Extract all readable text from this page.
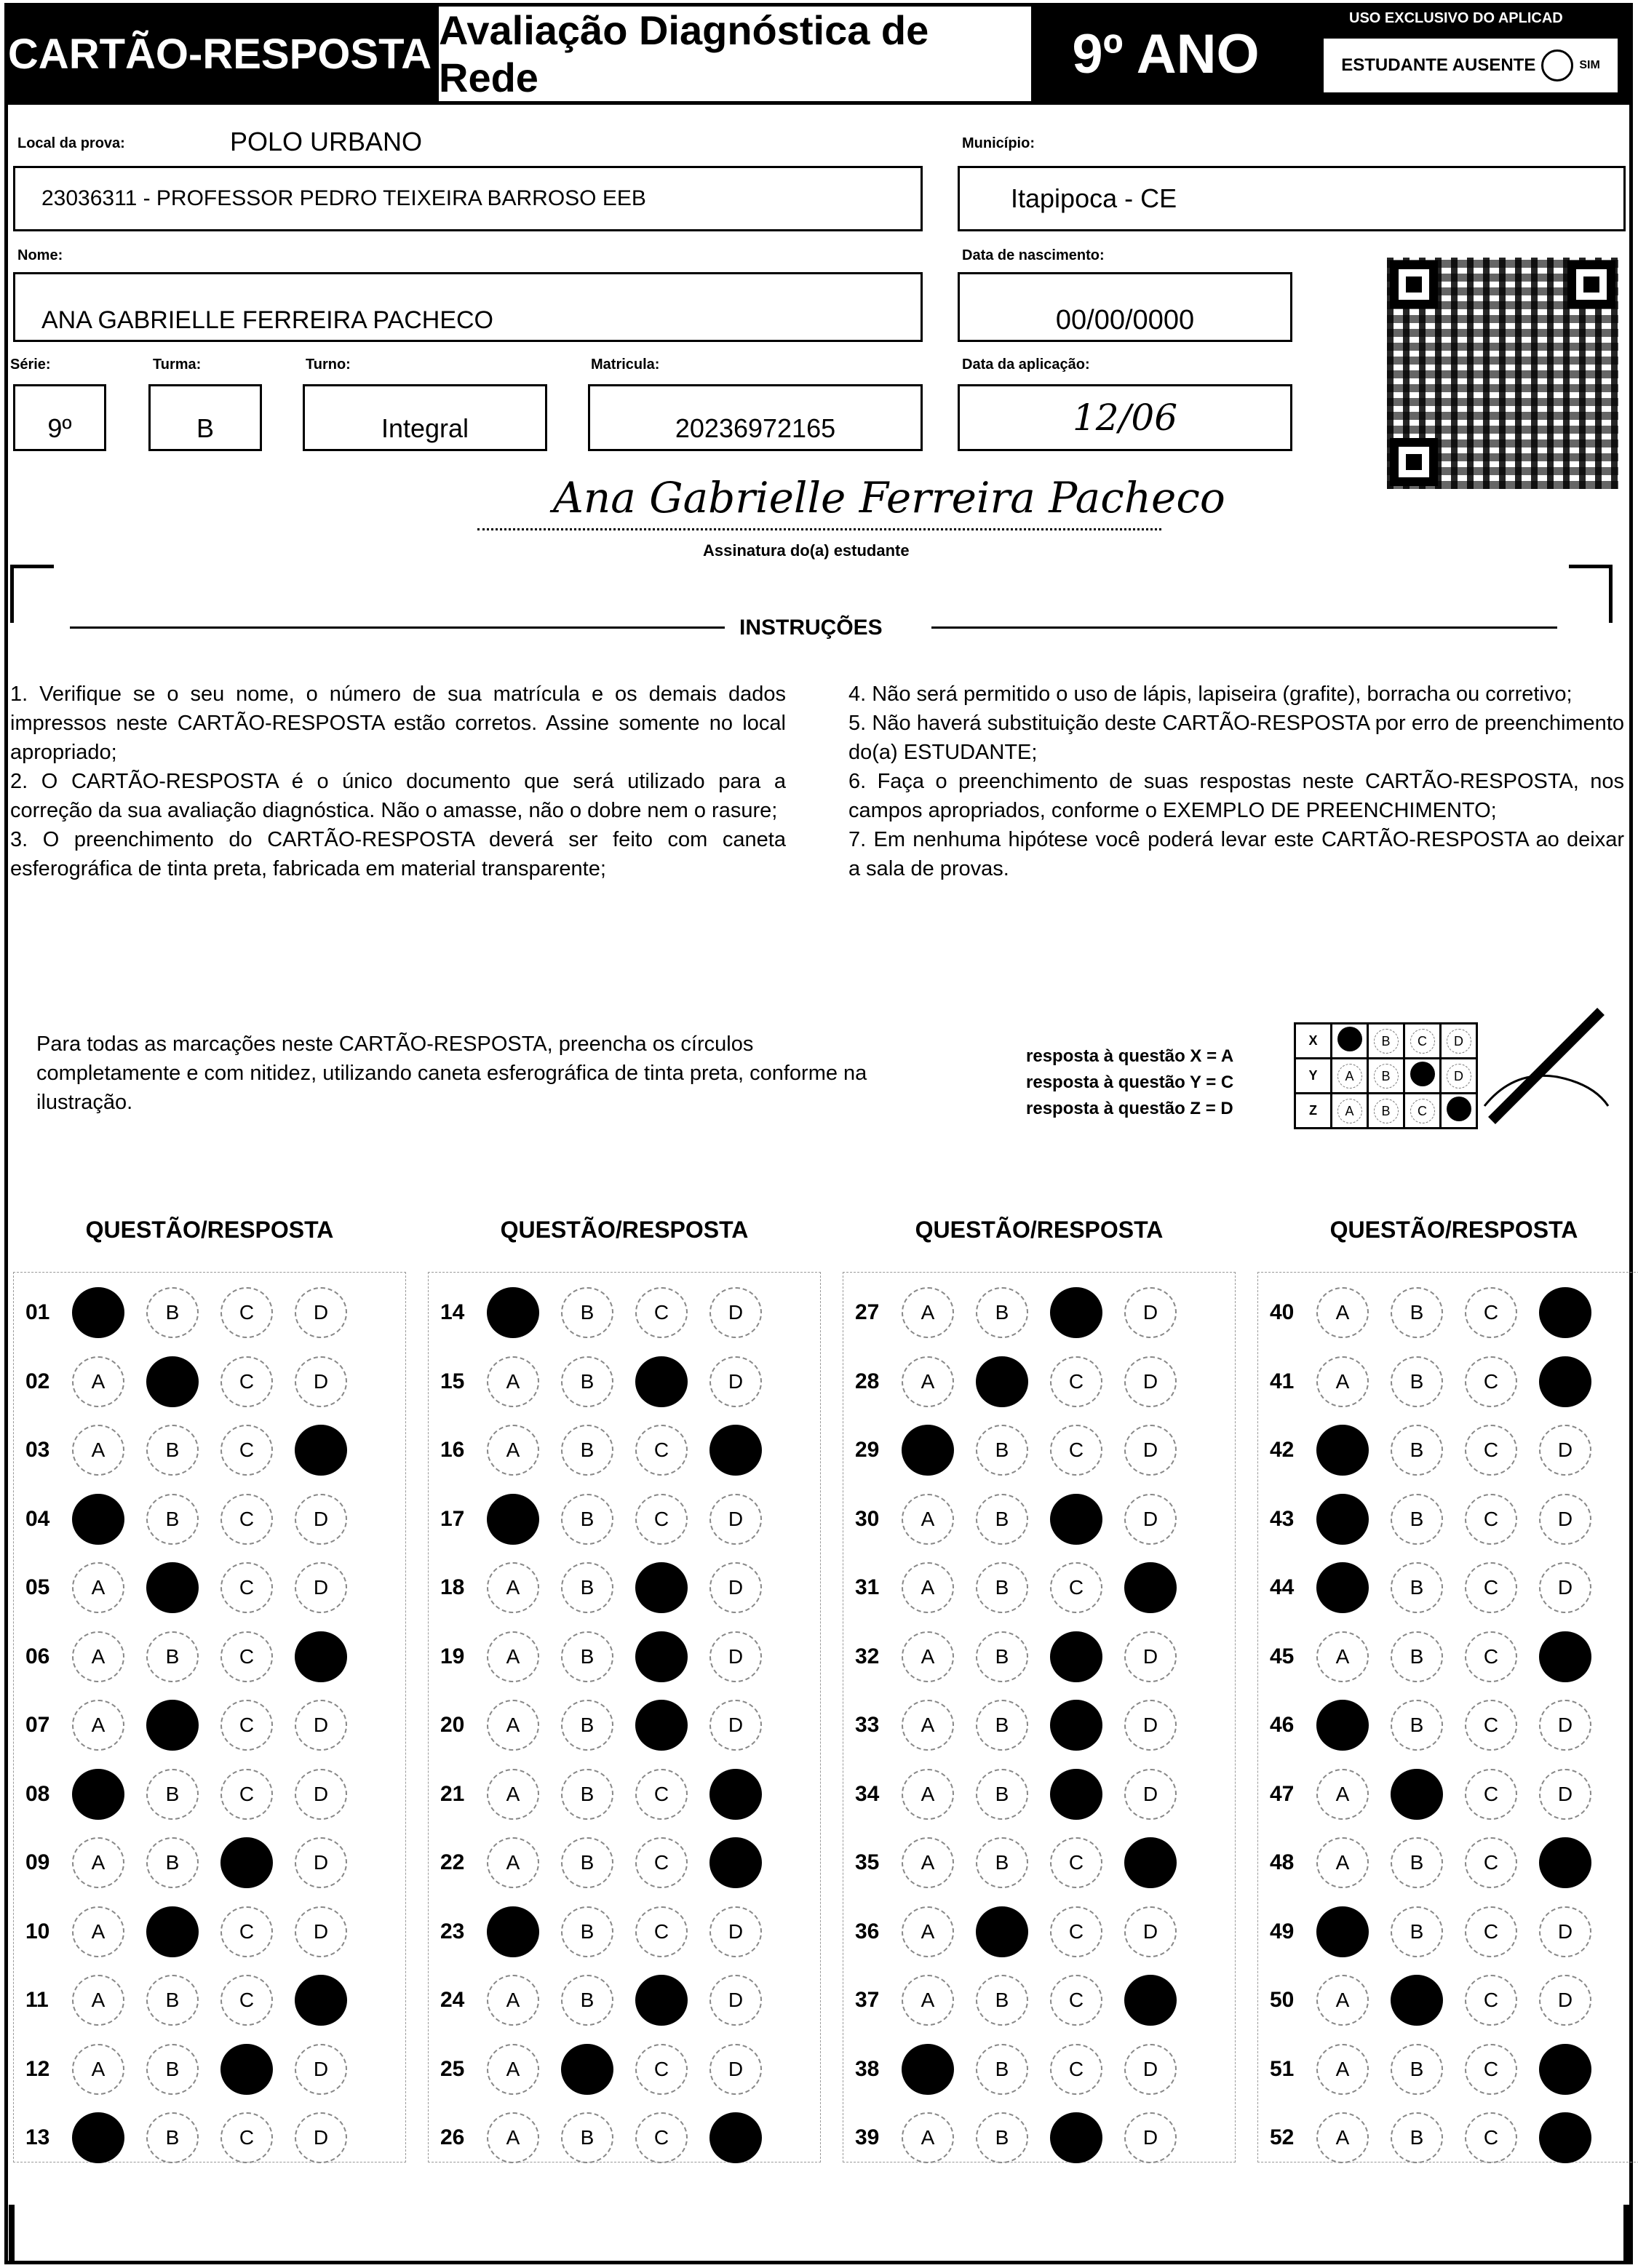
CARTÃO-RESPOSTA Avaliação Diagnóstica de Rede	9º ANO
USO EXCLUSIVO DO APLICAD
ESTUDANTE AUSENTE	SIM
Local da prova:	POLO URBANO
23036311 - PROFESSOR PEDRO TEIXEIRA BARROSO EEB
Município:
Itapipoca - CE
Nome:
ANA GABRIELLE FERREIRA PACHECO
Data de nascimento:
00/00/0000
Série:
9º
Turma:
B
Turno:
Integral
Matricula:
20236972165
Data da aplicação:
12/06
Ana Gabrielle Ferreira Pacheco
Assinatura do(a) estudante
INSTRUÇÕES

1. Verifique se o seu nome, o número de sua matrícula e os demais dados impressos neste CARTÃO-RESPOSTA estão corretos. Assine somente no local apropriado;

2. O CARTÃO-RESPOSTA é o único documento que será utilizado para a correção da sua avaliação diagnóstica. Não o amasse, não o dobre nem o rasure;

3. O preenchimento do CARTÃO-RESPOSTA deverá ser feito com caneta esferográfica de tinta preta, fabricada em material transparente;

4. Não será permitido o uso de lápis, lapiseira (grafite), borracha ou corretivo;

5. Não haverá substituição deste CARTÃO-RESPOSTA por erro de preenchimento do(a) ESTUDANTE;

6. Faça o preenchimento de suas respostas neste CARTÃO-RESPOSTA, nos campos apropriados, conforme o EXEMPLO DE PREENCHIMENTO;

7. Em nenhuma hipótese você poderá levar este CARTÃO-RESPOSTA ao deixar a sala de provas.

Para todas as marcações neste CARTÃO-RESPOSTA, preencha os círculos completamente e com nitidez, utilizando caneta esferográfica de tinta preta, conforme na ilustração.
resposta à questão X = A
resposta à questão Y = C
resposta à questão Z = D
X		B	C	D
Y	A	B		D
Z	A	B	C	
QUESTÃO/RESPOSTA
01	A	B	C	D
02	A	B	C	D
03	A	B	C	D
04	A	B	C	D
05	A	B	C	D
06	A	B	C	D
07	A	B	C	D
08	A	B	C	D
09	A	B	C	D
10	A	B	C	D
11	A	B	C	D
12	A	B	C	D
13	A	B	C	D
QUESTÃO/RESPOSTA
14	A	B	C	D
15	A	B	C	D
16	A	B	C	D
17	A	B	C	D
18	A	B	C	D
19	A	B	C	D
20	A	B	C	D
21	A	B	C	D
22	A	B	C	D
23	A	B	C	D
24	A	B	C	D
25	A	B	C	D
26	A	B	C	D
QUESTÃO/RESPOSTA
27	A	B	C	D
28	A	B	C	D
29	A	B	C	D
30	A	B	C	D
31	A	B	C	D
32	A	B	C	D
33	A	B	C	D
34	A	B	C	D
35	A	B	C	D
36	A	B	C	D
37	A	B	C	D
38	A	B	C	D
39	A	B	C	D
QUESTÃO/RESPOSTA
40	A	B	C	D
41	A	B	C	D
42	A	B	C	D
43	A	B	C	D
44	A	B	C	D
45	A	B	C	D
46	A	B	C	D
47	A	B	C	D
48	A	B	C	D
49	A	B	C	D
50	A	B	C	D
51	A	B	C	D
52	A	B	C	D
